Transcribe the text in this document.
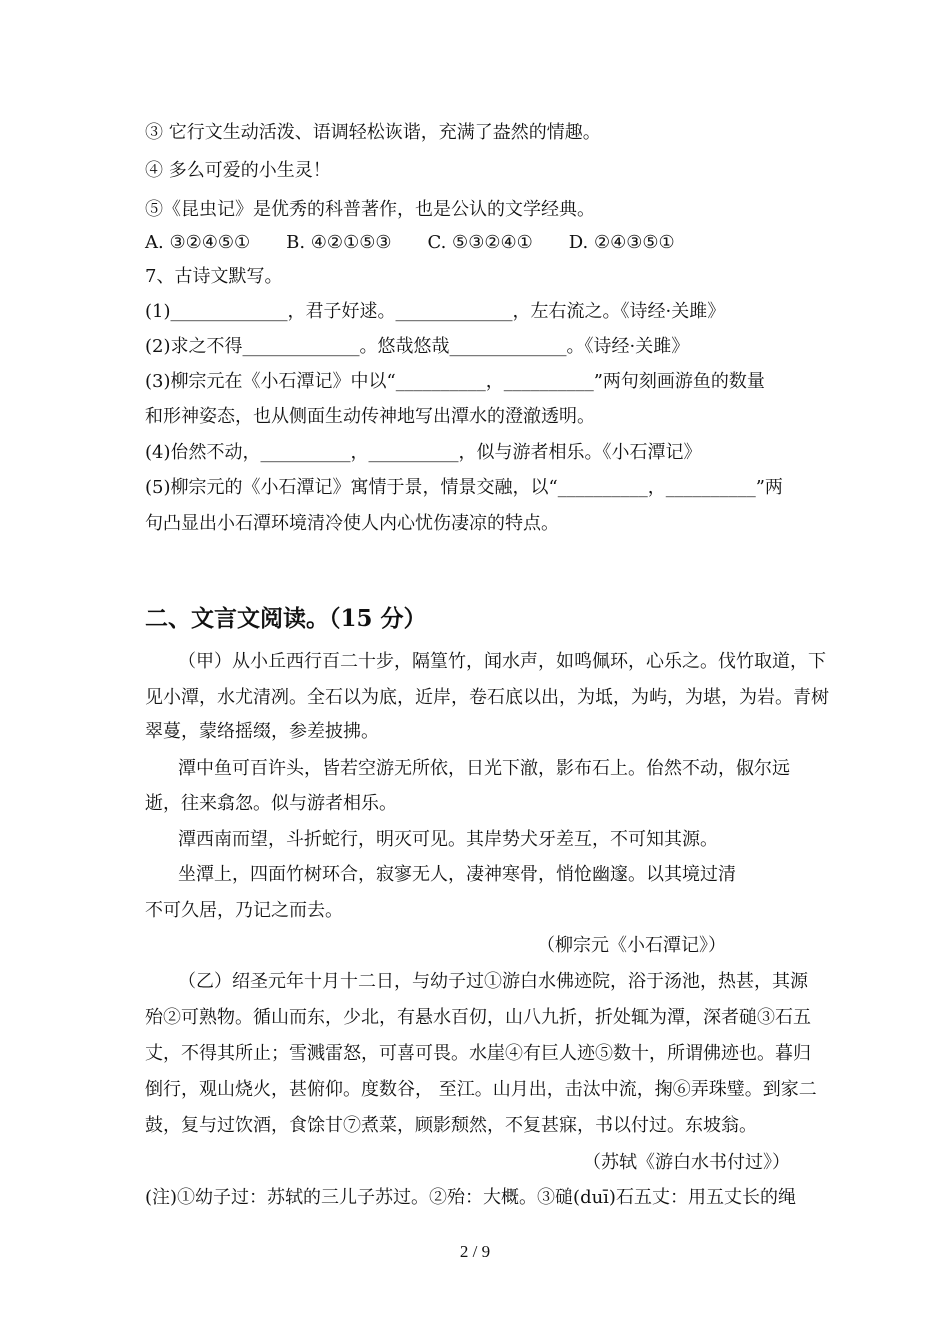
③ 它行文生动活泼、语调轻松诙谐，充满了盎然的情趣。
④ 多么可爱的小生灵！
⑤《昆虫记》是优秀的科普著作，也是公认的文学经典。
A. ③②④⑤①　　B. ④②①⑤③　　C. ⑤③②④①　　D. ②④③⑤①
7、古诗文默写。
(1)_____________，君子好逑。_____________，左右流之。《诗经·关雎》
(2)求之不得_____________。悠哉悠哉_____________。《诗经·关雎》
(3)柳宗元在《小石潭记》中以“__________，__________”两句刻画游鱼的数量
和形神姿态，也从侧面生动传神地写出潭水的澄澈透明。
(4)佁然不动，__________，__________，似与游者相乐。《小石潭记》
(5)柳宗元的《小石潭记》寓情于景，情景交融，以“__________，__________”两
句凸显出小石潭环境清冷使人内心忧伤凄凉的特点。
二、文言文阅读。（15 分）
（甲）从小丘西行百二十步，隔篁竹，闻水声，如鸣佩环，心乐之。伐竹取道，下
见小潭，水尤清冽。全石以为底，近岸，卷石底以出，为坻，为屿，为堪，为岩。青树
翠蔓，蒙络摇缀，参差披拂。
潭中鱼可百许头，皆若空游无所依，日光下澈，影布石上。佁然不动，俶尔远
逝，往来翕忽。似与游者相乐。
潭西南而望，斗折蛇行，明灭可见。其岸势犬牙差互，不可知其源。
坐潭上，四面竹树环合，寂寥无人，凄神寒骨，悄怆幽邃。以其境过清
不可久居，乃记之而去。
（柳宗元《小石潭记》）
（乙）绍圣元年十月十二日，与幼子过①游白水佛迹院，浴于汤池，热甚，其源
殆②可熟物。循山而东，少北，有悬水百仞，山八九折，折处辄为潭，深者磓③石五
丈，不得其所止；雪溅雷怒，可喜可畏。水崖④有巨人迹⑤数十，所谓佛迹也。暮归
倒行，观山烧火，甚俯仰。度数谷， 至江。山月出，击汰中流，掬⑥弄珠璧。到家二
鼓，复与过饮酒，食馀甘⑦煮菜，顾影颓然，不复甚寐，书以付过。东坡翁。
（苏轼《游白水书付过》）
(注)①幼子过：苏轼的三儿子苏过。②殆：大概。③磓(duī)石五丈：用五丈长的绳
2 / 9
